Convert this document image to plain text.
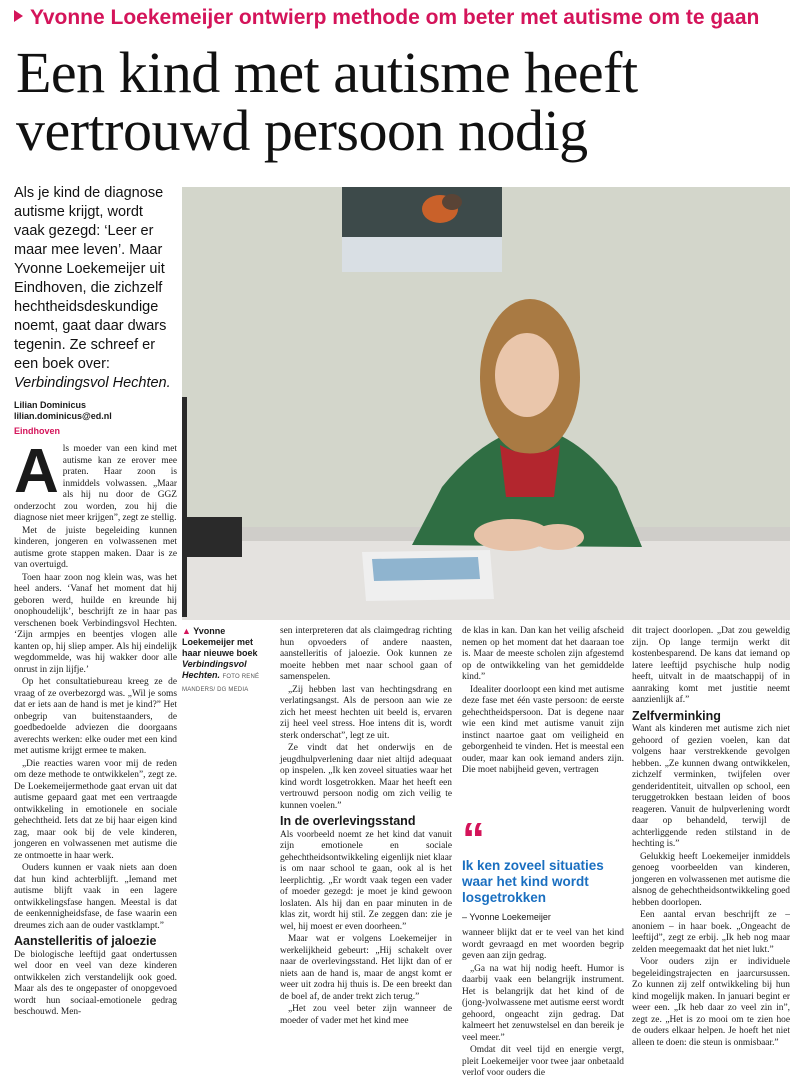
Yvonne Loekemeijer ontwierp methode om beter met autisme om te gaan
Een kind met autisme heeft
vertrouwd persoon nodig
Als je kind de diagnose autisme krijgt, wordt vaak gezegd: ‘Leer er maar mee leven’. Maar Yvonne Loekemeijer uit Eindhoven, die zichzelf hechtheidsdeskundige noemt, gaat daar dwars tegenin. Ze schreef er een boek over: Verbindingsvol Hechten.
Lilian Dominicus
lilian.dominicus@ed.nl
Eindhoven
A ls moeder van een kind met autisme kan ze erover mee praten. Haar zoon is inmiddels volwassen. „Maar als hij nu door de GGZ onderzocht zou worden, zou hij die diagnose niet meer krijgen”, zegt ze stellig.

Met de juiste begeleiding kunnen kinderen, jongeren en volwassenen met autisme grote stappen maken. Daar is ze van overtuigd.

Toen haar zoon nog klein was, was het heel anders. ‘Vanaf het moment dat hij geboren werd, huilde en kreunde hij onophoudelijk’, beschrijft ze in haar pas verschenen boek Verbindingsvol Hechten. ‘Zijn armpjes en beentjes vlogen alle kanten op, hij sliep amper. Als hij eindelijk wegdommelde, was hij wakker door alle onrust in zijn lijfje.’

Op het consultatiebureau kreeg ze de vraag of ze overbezorgd was. „Wil je soms dat er iets aan de hand is met je kind?” Het onbegrip van buitenstaanders, de goedbedoelde adviezen die doorgaans averechts werken: elke ouder met een kind met autisme krijgt ermee te maken.

„Die reacties waren voor mij de reden om deze methode te ontwikkelen”, zegt ze. De Loekemeijermethode gaat ervan uit dat autisme gepaard gaat met een vertraagde ontwikkeling in emotionele en sociale gehechtheid. Iets dat ze bij haar eigen kind zag, maar ook bij de vele kinderen, jongeren en volwassenen met autisme die ze ontmoette in haar werk.

Ouders kunnen er vaak niets aan doen dat hun kind achterblijft. „Iemand met autisme blijft vaak in een lagere ontwikkelingsfase hangen. Meestal is dat de eenkennigheidsfase, de fase waarin een dreumes zich aan de ouder vastklampt.”

Aanstelleritis of jaloezie

De biologische leeftijd gaat ondertussen wel door en veel van deze kinderen ontwikkelen zich verstandelijk ook goed. Maar als des te ongepaster of onopgevoed wordt hun sociaal-emotionele gedrag beschouwd. Men-

▲ Yvonne Loekemeijer met haar nieuwe boek Verbindingsvol Hechten. FOTO RENÉ MANDERS/ DG MEDIA

sen interpreteren dat als claimgedrag richting hun opvoeders of andere naasten, aanstelleritis of jaloezie. Ook kunnen ze moeite hebben met naar school gaan of samenspelen.

„Zij hebben last van hechtingsdrang en verlatingsangst. Als de persoon aan wie ze zich het meest hechten uit beeld is, ervaren zij heel veel stress. Hoe intens dit is, wordt sterk onderschat”, legt ze uit.

Ze vindt dat het onderwijs en de jeugdhulpverlening daar niet altijd adequaat op inspelen. „Ik ken zoveel situaties waar het kind wordt losgetrokken. Maar het heeft een vertrouwd persoon nodig om zich veilig te kunnen voelen.”

In de overlevingsstand

Als voorbeeld noemt ze het kind dat vanuit zijn emotionele en sociale gehechtheidsontwikkeling eigenlijk niet klaar is om naar school te gaan, ook al is het leerplichtig. „Er wordt vaak tegen een vader of moeder gezegd: je moet je kind gewoon loslaten. Als hij dan en paar minuten in de klas zit, wordt hij stil. Ze zeggen dan: zie je wel, hij moest er even doorheen.”

Maar wat er volgens Loekemeijer in werkelijkheid gebeurt: „Hij schakelt over naar de overlevingsstand. Het lijkt dan of er niets aan de hand is, maar de angst komt er weer uit zodra hij thuis is. De een breekt dan de boel af, de ander trekt zich terug.”

„Het zou veel beter zijn wanneer de moeder of vader met het kind mee

de klas in kan. Dan kan het veilig afscheid nemen op het moment dat het daaraan toe is. Maar de meeste scholen zijn afgestemd op de ontwikkeling van het gemiddelde kind.”

Idealiter doorloopt een kind met autisme deze fase met één vaste persoon: de eerste gehechtheidspersoon. Dat is degene naar wie een kind met autisme vanuit zijn instinct naartoe gaat om veiligheid en geborgenheid te vinden. Het is meestal een ouder, maar kan ook iemand anders zijn. Die moet nabijheid geven, vertragen

“
Ik ken zoveel situaties waar het kind wordt losgetrokken
– Yvonne Loekemeijer

wanneer blijkt dat er te veel van het kind wordt gevraagd en met woorden begrip geven aan zijn gedrag.

„Ga na wat hij nodig heeft. Humor is daarbij vaak een belangrijk instrument. Het is belangrijk dat het kind of de (jong-)volwassene met autisme eerst wordt gehoord, ongeacht zijn gedrag. Dat kalmeert het zenuwstelsel en dan bereik je veel meer.”

Omdat dit veel tijd en energie vergt, pleit Loekemeijer voor twee jaar onbetaald verlof voor ouders die

dit traject doorlopen. „Dat zou geweldig zijn. Op lange termijn werkt dit kostenbesparend. De kans dat iemand op latere leeftijd psychische hulp nodig heeft, uitvalt in de maatschappij of in aanraking komt met justitie neemt aanzienlijk af.”

Zelfverminking

Want als kinderen met autisme zich niet gehoord of gezien voelen, kan dat volgens haar verstrekkende gevolgen hebben. „Ze kunnen dwang ontwikkelen, zichzelf verminken, twijfelen over genderidentiteit, uitvallen op school, een teruggetrokken bestaan leiden of boos reageren. Vanuit de hulpverlening wordt daar op behandeld, terwijl de achterliggende reden stilstand in de hechting is.”

Gelukkig heeft Loekemeijer inmiddels genoeg voorbeelden van kinderen, jongeren en volwassenen met autisme die alsnog de gehechtheidsontwikkeling goed hebben doorlopen.

Een aantal ervan beschrijft ze – anoniem – in haar boek. „Ongeacht de leeftijd”, zegt ze erbij. „Ik heb nog maar zelden meegemaakt dat het niet lukt.”

Voor ouders zijn er individuele begeleidingstrajecten en jaarcursussen. Zo kunnen zij zelf ontwikkeling bij hun kind mogelijk maken. In januari begint er weer een. „Ik heb daar zo veel zin in”, zegt ze. „Het is zo mooi om te zien hoe de ouders elkaar helpen. Je hoeft het niet alleen te doen: die steun is onmisbaar.”
